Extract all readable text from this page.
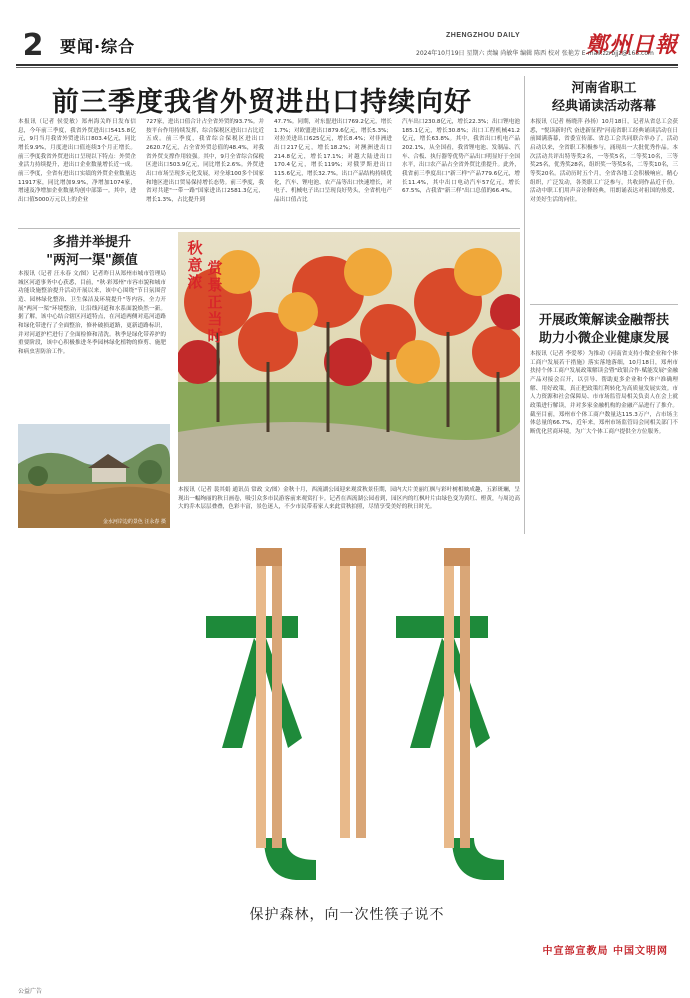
2	要闻·综合
ZHENGZHOU DAILY	鄭州日報
2024年10月19日 星期六 责编 尚敏华 编辑 陈西 校对 张艳芳 E-mail:zzrbjjz@163.com
前三季度我省外贸进出口持续向好
本报讯（记者 侯爱敏）郑州海关昨日发布信息，今年前三季度，我省外贸进出口5415.8亿元，9月当月我省外贸进出口803.4亿元，同比增长9.9%，月度进出口值连续3个月正增长。前三季度我省外贸进出口呈现以下特点：外贸企业活力持续提升，进出口企业数量增长近一成。前三季度，全省有进出口实绩的外贸企业数量达11917家，同比增加9.9%，净增加1074家，增速及净增加企业数量均创中部第一。其中，进出口值5000万元以上的企业
727家，进出口值合计占全省外贸的93.7%。并按平台作用持续发挥，综合保税区进出口占比近五成。前三季度，我省综合保税区进出口2620.7亿元，占全省外贸总值的48.4%，对我省外贸支撑作用较强。其中，9月全省综合保税区进出口503.9亿元，同比增长2.6%。外贸进出口市场呈现多元化发展，对全球100多个国家和地区进出口贸易保持增长态势。前三季度，我省对共建"一带一路"国家进出口2581.3亿元，增长1.3%，占比提升到
47.7%。同期，对东盟进出口769.2亿元，增长1.7%；对欧盟进出口879.6亿元，增长5.3%；对拉美进出口625亿元，增长8.4%；对非洲进出口217亿元，增长18.2%；对澳洲进出口214.8亿元，增长17.1%；对越大陆进出口170.4亿元，增长119%；对俄罗斯进出口115.6亿元，增长32.7%。出口产品结构持续优化，汽车、锂电池、农产品等出口快速增长，对电子、机械电子出口呈现良好势头，全省机电产品出口值占比
汽车出口230.8亿元，增长22.3%；出口锂电池185.1亿元，增长30.8%；出口工程机械41.2亿元，增长63.8%。其中，我省出口机电产品202.1%，从全国看，我省锂电池、发制品、汽车、合板、执行器等优势产品出口明显好于全国水平，出口农产品占全省外贸比重提升。此外，我省前三季度出口"新三样"产品779.6亿元，增长11.4%，其中出口电动汽车57亿元，增长67.5%，占我省"新三样"出口总值的66.4%。
河南省职工
经典诵读活动落幕
本报讯（记者 杨晓萍 孙扬）10月18日，记者从省总工会获悉，"悦读新时代 奋进新征程"河南省职工经典诵读活动在日前圆满落幕，省委宣传部、省总工会共同联合举办了，活动启动以来，全省职工积极参与，涌现出一大批优秀作品。本次活动共评出特等奖2名，一等奖5名，二等奖10名，三等奖25名，优秀奖28名，组织奖一等奖5名，二等奖10名，三等奖20名。活动历时五个月，全省各地工会积极响应，精心组织，广泛发动，各类职工广泛参与，共收到作品近千份。活动中职工们用声音诠释经典，用朗诵表达对祖国的热爱、对美好生活的向往。
开展政策解读金融帮扶
助力小微企业健康发展
本报讯（记者 李爱琴）为推动《河南省支持小微企业和个体工商户发展若干措施》落实落地落细，10月18日，郑州市扶持个体工商户发展政策解读会暨"政银合作·赋能发展"金融产品对接会召开，以引导、帮助更多企业和个体户准确理解、用好政策，真正把政策红利转化为高质量发展实效。市人力资源和社会保障局、市市场监管局相关负责人在会上就政策进行解读，并对多家金融机构的金融产品进行了推介。截至目前，郑州市个体工商户数量达115.3万户，占市场主体总量的66.7%，近年来，郑州市场监管局会同相关部门不断优化营商环境，为广大个体工商户提供全方位服务。
多措并举提升
"两河一渠"颜值
本报讯（记者 汪永春 文/图）记者昨日从郑州市城市管理局城区河道事务中心获悉，目前，"秋·彩郑州"市容市貌和城市功能设施整治提升活动开展以来，该中心围绕"节日氛围营造、园林绿化整治、卫生保洁及环境提升"等内容，全力开展"两河一渠"环境整治，让沿线河道和水系面貌焕然一新。据了解，该中心结合辖区河道特点，在河道两侧对巡河道路和绿化带进行了全面整治，修补破损道路，更新道路标识，并对河道护栏进行了全面检修和清洗。秋季是绿化带养护的重要阶段，该中心积极推进冬季园林绿化植物的修剪、施肥和病虫害防治工作。
金水河岸边的景色 汪永春 摄
秋意浓 赏景正当时
本报讯（记者 裴其娟 通讯员 常政 文/图）金秋十月，西流湖公园迎来观赏秋景佳期，园内大片美丽红枫与彩叶树相映成趣，五彩斑斓，呈现出一幅绚丽的秋日画卷，吸引众多市民游客前来观赏打卡。记者在西流湖公园看到，园区内的红枫叶片由绿色变为黄红、橙黄，与周边高大的乔木层层叠叠，色彩丰富，景色迷人，不少市民带着家人来此赏秋拍照，尽情享受美好的秋日时光。
保护森林，向一次性筷子说不
中宣部宣教局 中国文明网
公益广告
